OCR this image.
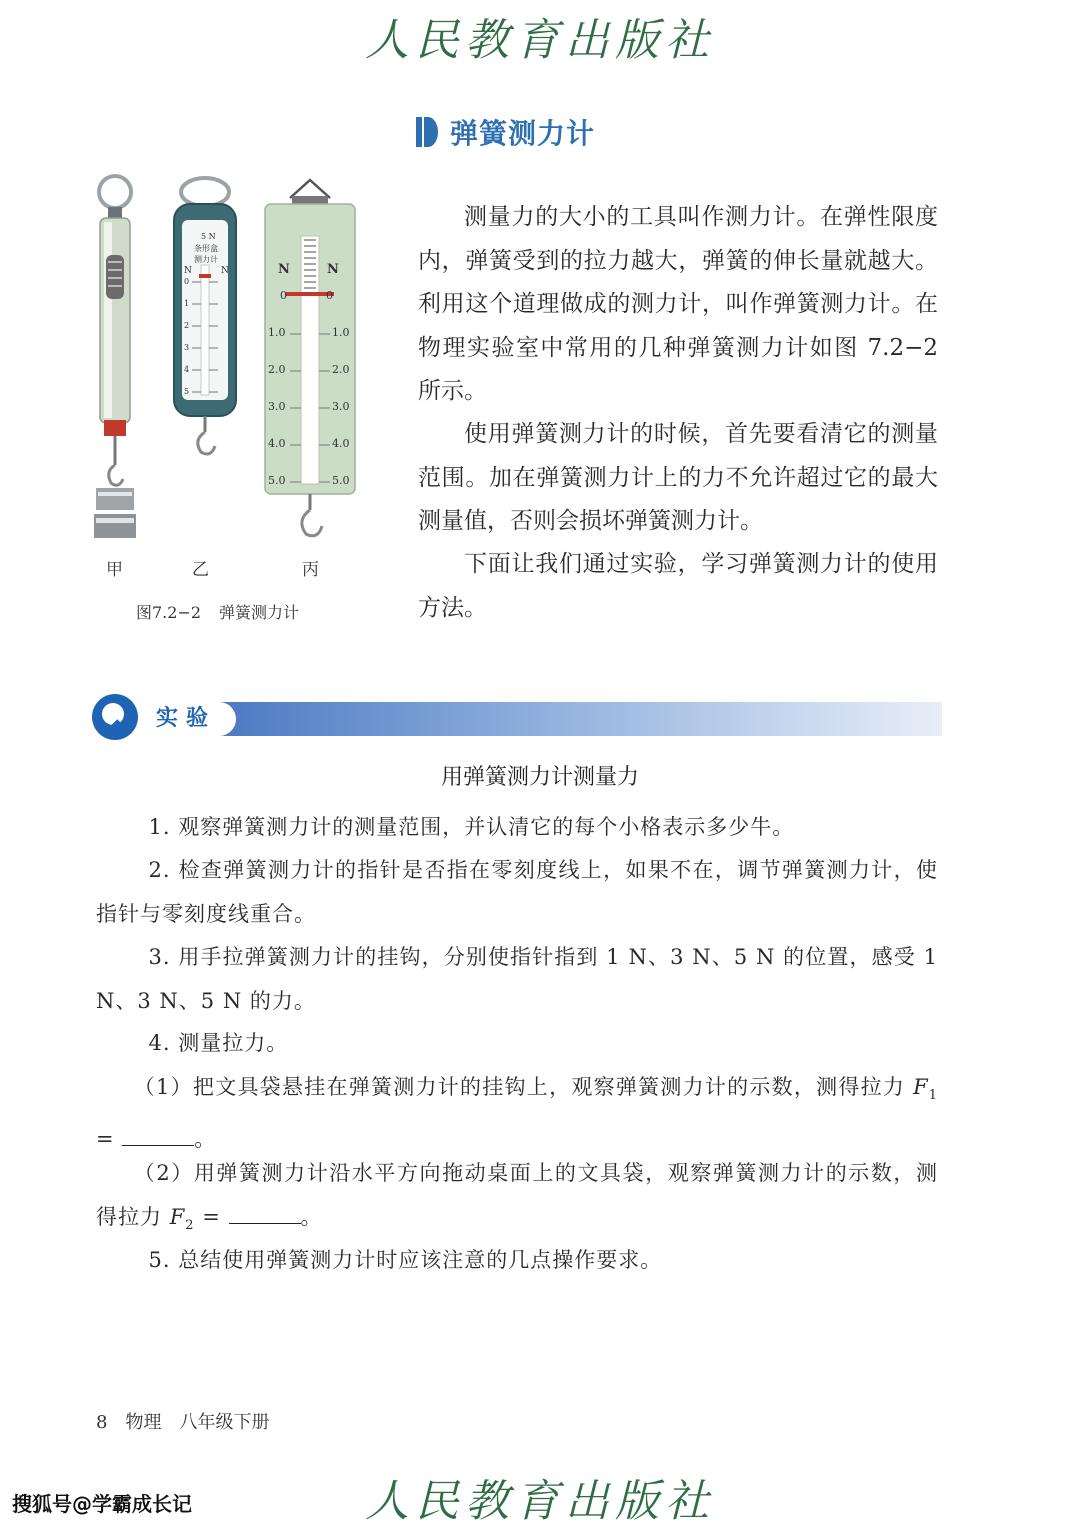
人民教育出版社
弹簧测力计
5 N
条形盒
测力计
N	N
0
1
2
3
4
5
N	N
0	0
1.0	1.0
2.0	2.0
3.0	3.0
4.0	4.0
5.0	5.0
甲	乙	丙
图7.2−2 弹簧测力计

测量力的大小的工具叫作测力计。在弹性限度内，弹簧受到的拉力越大，弹簧的伸长量就越大。利用这个道理做成的测力计，叫作弹簧测力计。在物理实验室中常用的几种弹簧测力计如图 7.2−2 所示。

使用弹簧测力计的时候，首先要看清它的测量范围。加在弹簧测力计上的力不允许超过它的最大测量值，否则会损坏弹簧测力计。

下面让我们通过实验，学习弹簧测力计的使用方法。

实验
用弹簧测力计测量力

1. 观察弹簧测力计的测量范围，并认清它的每个小格表示多少牛。

2. 检查弹簧测力计的指针是否指在零刻度线上，如果不在，调节弹簧测力计，使指针与零刻度线重合。

3. 用手拉弹簧测力计的挂钩，分别使指针指到 1 N、3 N、5 N 的位置，感受 1 N、3 N、5 N 的力。

4. 测量拉力。

（1）把文具袋悬挂在弹簧测力计的挂钩上，观察弹簧测力计的示数，测得拉力 $F_1$ =	。

（2）用弹簧测力计沿水平方向拖动桌面上的文具袋，观察弹簧测力计的示数，测得拉力 $F_2$ =	。

5. 总结使用弹簧测力计时应该注意的几点操作要求。

8 物理 八年级下册
人民教育出版社
搜狐号@学霸成长记
